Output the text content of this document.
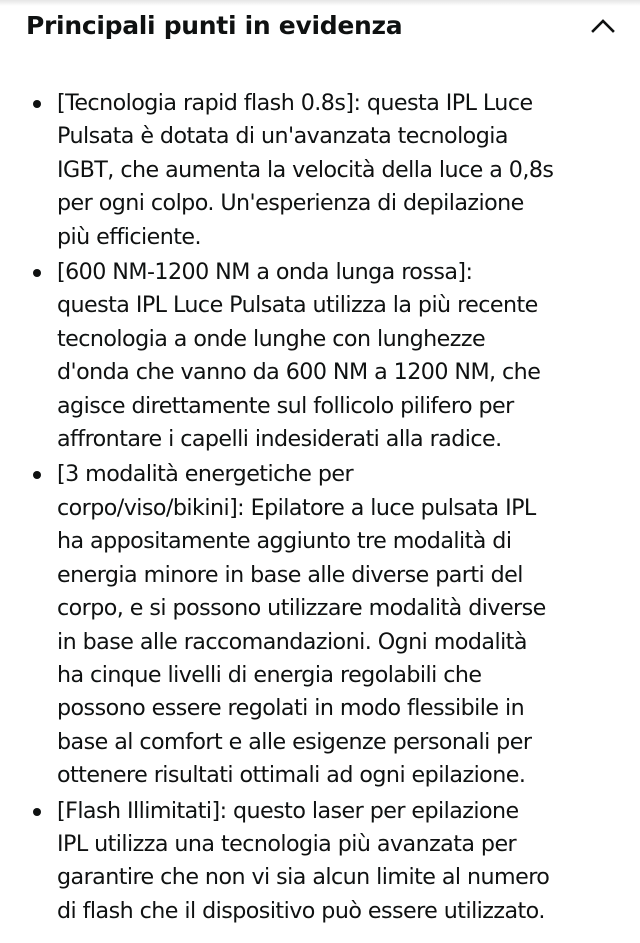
Principali punti in evidenza
[Tecnologia rapid flash 0.8s]: questa IPL Luce
Pulsata è dotata di un'avanzata tecnologia
IGBT, che aumenta la velocità della luce a 0,8s
per ogni colpo. Un'esperienza di depilazione
più efficiente.
[600 NM-1200 NM a onda lunga rossa]:
questa IPL Luce Pulsata utilizza la più recente
tecnologia a onde lunghe con lunghezze
d'onda che vanno da 600 NM a 1200 NM, che
agisce direttamente sul follicolo pilifero per
affrontare i capelli indesiderati alla radice.
[3 modalità energetiche per
corpo/viso/bikini]: Epilatore a luce pulsata IPL
ha appositamente aggiunto tre modalità di
energia minore in base alle diverse parti del
corpo, e si possono utilizzare modalità diverse
in base alle raccomandazioni. Ogni modalità
ha cinque livelli di energia regolabili che
possono essere regolati in modo flessibile in
base al comfort e alle esigenze personali per
ottenere risultati ottimali ad ogni epilazione.
[Flash Illimitati]: questo laser per epilazione
IPL utilizza una tecnologia più avanzata per
garantire che non vi sia alcun limite al numero
di flash che il dispositivo può essere utilizzato.
